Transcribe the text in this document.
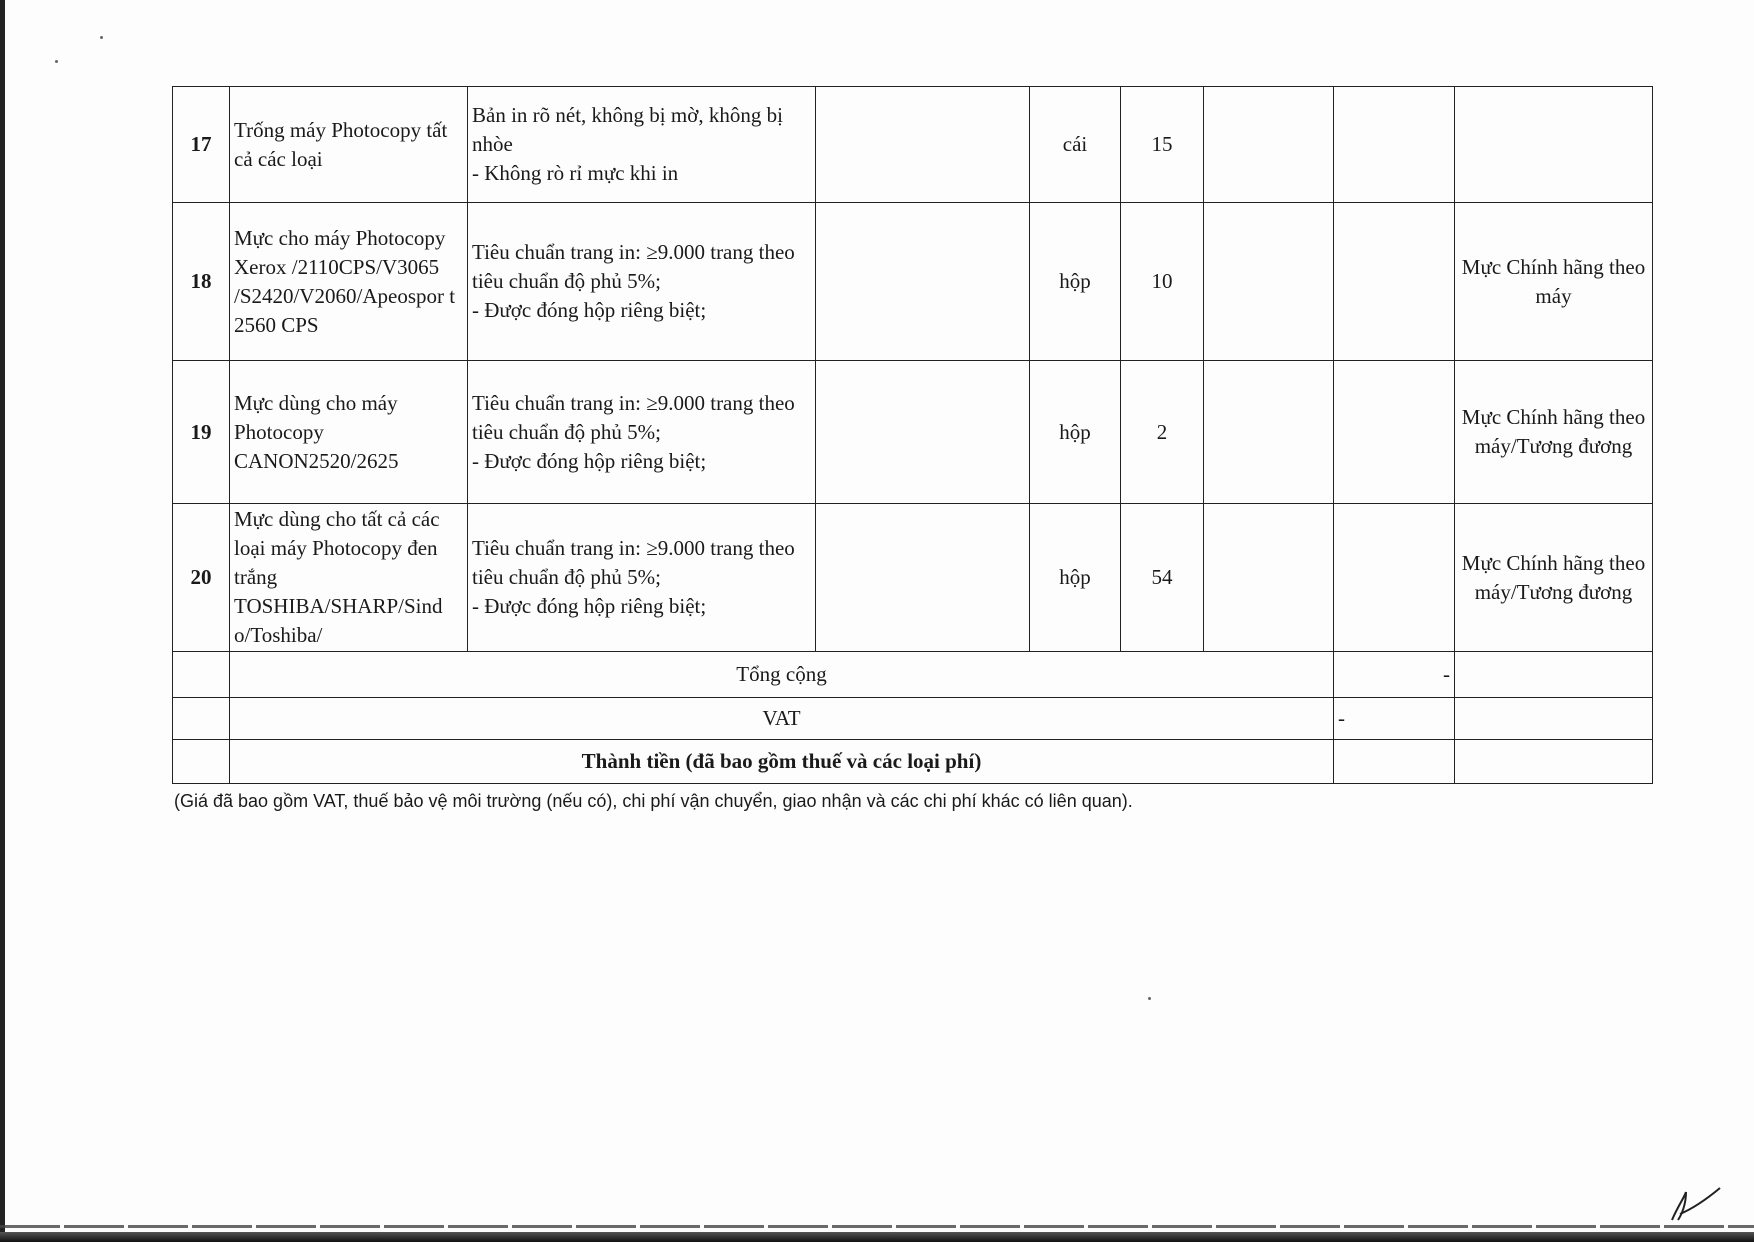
17	Trống máy Photocopy tất cả các loại	Bản in rõ nét, không bị mờ, không bị nhòe
- Không rò rỉ mực khi in		cái	15			
18	Mực cho máy Photocopy Xerox /2110CPS/V3065 /S2420/V2060/Apeospor t 2560 CPS	Tiêu chuẩn trang in: ≥9.000 trang theo tiêu chuẩn độ phủ 5%;
- Được đóng hộp riêng biệt;		hộp	10			Mực Chính hãng theo máy
19	Mực dùng cho máy Photocopy CANON2520/2625	Tiêu chuẩn trang in: ≥9.000 trang theo tiêu chuẩn độ phủ 5%;
- Được đóng hộp riêng biệt;		hộp	2			Mực Chính hãng theo máy/Tương đương
20	Mực dùng cho tất cả các loại máy Photocopy đen trắng TOSHIBA/SHARP/Sind o/Toshiba/	Tiêu chuẩn trang in: ≥9.000 trang theo tiêu chuẩn độ phủ 5%;
- Được đóng hộp riêng biệt;		hộp	54			Mực Chính hãng theo máy/Tương đương
	Tổng cộng						-	
	VAT						-	
	Thành tiền (đã bao gồm thuế và các loại phí)							
(Giá đã bao gồm VAT, thuế bảo vệ môi trường (nếu có), chi phí vận chuyển, giao nhận và các chi phí khác có liên quan).
